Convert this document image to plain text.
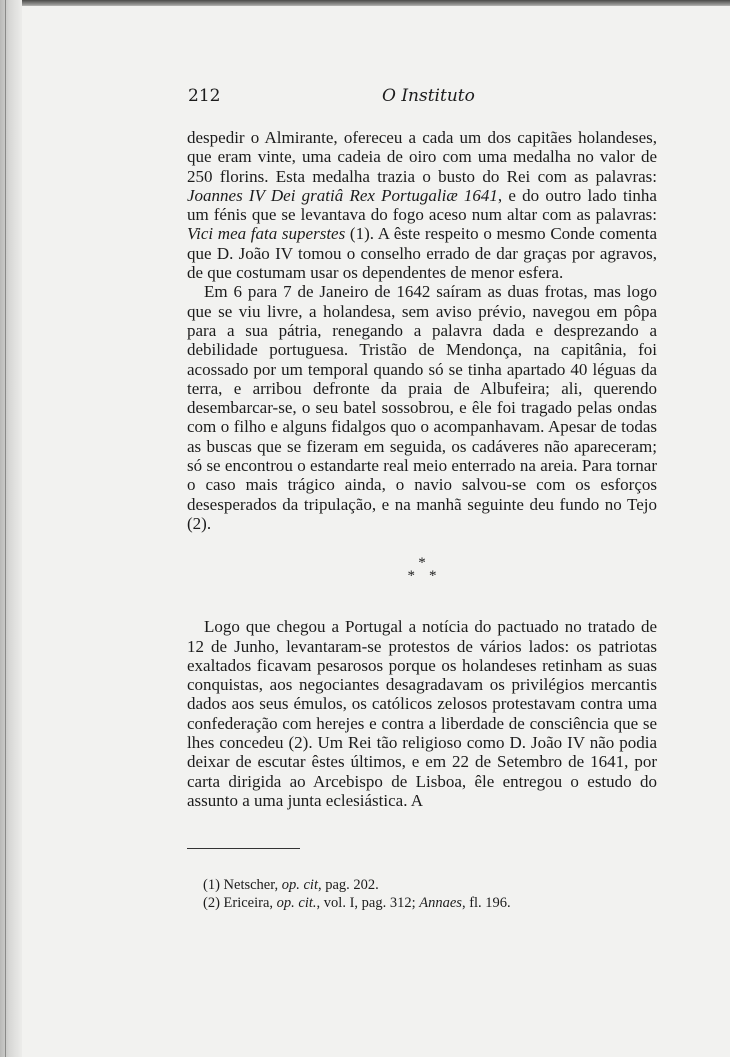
212	O Instituto

despedir o Almirante, ofereceu a cada um dos capitães holandeses, que eram vinte, uma cadeia de oiro com uma medalha no valor de 250 florins. Esta medalha trazia o busto do Rei com as palavras: Joannes IV Dei gratiâ Rex Portugaliæ 1641, e do outro lado tinha um fénis que se levantava do fogo aceso num altar com as palavras: Vici mea fata superstes (1). A êste respeito o mesmo Conde comenta que D. João IV tomou o conselho errado de dar graças por agravos, de que costumam usar os dependentes de menor esfera.

Em 6 para 7 de Janeiro de 1642 saíram as duas frotas, mas logo que se viu livre, a holandesa, sem aviso prévio, navegou em pôpa para a sua pátria, renegando a palavra dada e desprezando a debilidade portuguesa. Tristão de Mendonça, na capitânia, foi acossado por um temporal quando só se tinha apartado 40 léguas da terra, e arribou defronte da praia de Albufeira; ali, querendo desembarcar-se, o seu batel sossobrou, e êle foi tragado pelas ondas com o filho e alguns fidalgos quo o acompanhavam. Apesar de todas as buscas que se fizeram em seguida, os cadáveres não apareceram; só se encontrou o estandarte real meio enterrado na areia. Para tornar o caso mais trágico ainda, o navio salvou-se com os esforços desesperados da tripulação, e na manhã seguinte deu fundo no Tejo (2).

*
**

Logo que chegou a Portugal a notícia do pactuado no tratado de 12 de Junho, levantaram-se protestos de vários lados: os patriotas exaltados ficavam pesarosos porque os holandeses retinham as suas conquistas, aos negociantes desagradavam os privilégios mercantis dados aos seus émulos, os católicos zelosos protestavam contra uma confederação com herejes e contra a liberdade de consciência que se lhes concedeu (2). Um Rei tão religioso como D. João IV não podia deixar de escutar êstes últimos, e em 22 de Setembro de 1641, por carta dirigida ao Arcebispo de Lisboa, êle entregou o estudo do assunto a uma junta eclesiástica. A

(1) Netscher, op. cit, pag. 202.
(2) Ericeira, op. cit., vol. I, pag. 312; Annaes, fl. 196.
